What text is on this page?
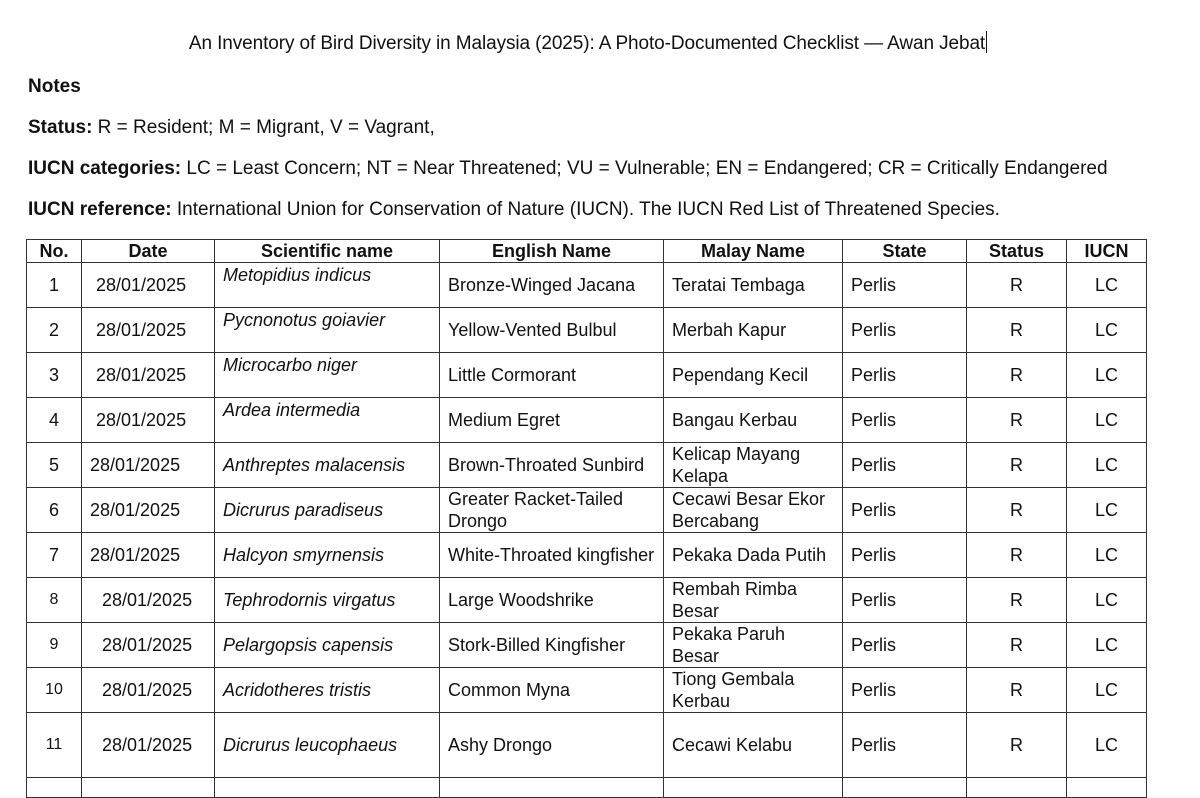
An Inventory of Bird Diversity in Malaysia (2025): A Photo-Documented Checklist — Awan Jebat
Notes
Status: R = Resident; M = Migrant, V = Vagrant,
IUCN categories: LC = Least Concern; NT = Near Threatened; VU = Vulnerable; EN = Endangered; CR = Critically Endangered
IUCN reference: International Union for Conservation of Nature (IUCN). The IUCN Red List of Threatened Species.
No.	Date	Scientific name	English Name	Malay Name	State	Status	IUCN
1	28/01/2025	Metopidius indicus	Bronze-Winged Jacana	Teratai Tembaga	Perlis	R	LC
2	28/01/2025	Pycnonotus goiavier	Yellow-Vented Bulbul	Merbah Kapur	Perlis	R	LC
3	28/01/2025	Microcarbo niger	Little Cormorant	Pependang Kecil	Perlis	R	LC
4	28/01/2025	Ardea intermedia	Medium Egret	Bangau Kerbau	Perlis	R	LC
5	28/01/2025	Anthreptes malacensis	Brown-Throated Sunbird	Kelicap Mayang Kelapa	Perlis	R	LC
6	28/01/2025	Dicrurus paradiseus	Greater Racket-Tailed Drongo	Cecawi Besar Ekor Bercabang	Perlis	R	LC
7	28/01/2025	Halcyon smyrnensis	White-Throated kingfisher	Pekaka Dada Putih	Perlis	R	LC
8	28/01/2025	Tephrodornis virgatus	Large Woodshrike	Rembah Rimba Besar	Perlis	R	LC
9	28/01/2025	Pelargopsis capensis	Stork-Billed Kingfisher	Pekaka Paruh Besar	Perlis	R	LC
10	28/01/2025	Acridotheres tristis	Common Myna	Tiong Gembala Kerbau	Perlis	R	LC
11	28/01/2025	Dicrurus leucophaeus	Ashy Drongo	Cecawi Kelabu	Perlis	R	LC
